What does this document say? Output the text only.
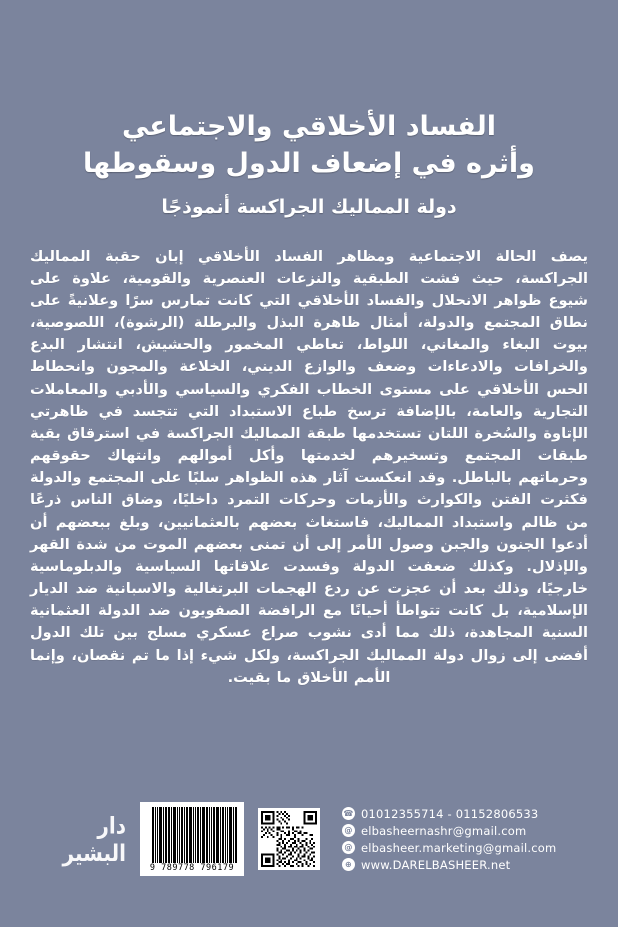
الفساد الأخلاقي والاجتماعي
وأثره في إضعاف الدول وسقوطها
دولة المماليك الجراكسة أنموذجًا

يصف الحالة الاجتماعية ومظاهر الفساد الأخلاقي إبان حقبة المماليك الجراكسة، حيث فشت الطبقية والنزعات العنصرية والقومية، علاوة على شيوع ظواهر الانحلال والفساد الأخلاقي التي كانت تمارس سرًا وعلانيةً على نطاق المجتمع والدولة، أمثال ظاهرة البذل والبرطلة (الرشوة)، اللصوصية، بيوت البغاء والمغاني، اللواط، تعاطي المخمور والحشيش، انتشار البدع والخرافات والادعاءات وضعف والوازع الديني، الخلاعة والمجون وانحطاط الحس الأخلاقي على مستوى الخطاب الفكري والسياسي والأدبي والمعاملات التجارية والعامة، بالإضافة ترسخ طباع الاستبداد التي تتجسد في ظاهرتي الإتاوة والسُخرة اللتان تستخدمها طبقة المماليك الجراكسة في استرقاق بقية طبقات المجتمع وتسخيرهم لخدمتها وأكل أموالهم وانتهاك حقوقهم وحرماتهم بالباطل. وقد انعكست آثار هذه الظواهر سلبًا على المجتمع والدولة فكثرت الفتن والكوارث والأزمات وحركات التمرد داخليًا، وضاق الناس ذرعًا من ظالم واستبداد المماليك، فاستغاث بعضهم بالعثمانيين، وبلغ ببعضهم أن أدعوا الجنون والجبن وصول الأمر إلى أن تمنى بعضهم الموت من شدة القهر والإذلال. وكذلك ضعفت الدولة وفسدت علاقاتها السياسية والدبلوماسية خارجيًا، وذلك بعد أن عجزت عن ردع الهجمات البرتغالية والاسبانية ضد الديار الإسلامية، بل كانت تتواطأ أحيانًا مع الرافضة الصفويون ضد الدولة العثمانية السنية المجاهدة، ذلك مما أدى نشوب صراع عسكري مسلح بين تلك الدول أفضى إلى زوال دولة المماليك الجراكسة، ولكل شيء إذا ما تم نقصان، وإنما الأمم الأخلاق ما بقيت.

☎ 01012355714 - 01152806533
@ elbasheernashr@gmail.com
@ elbasheer.marketing@gmail.com
⊕ www.DARELBASHEER.net
9 789778 796179
دار البشير
